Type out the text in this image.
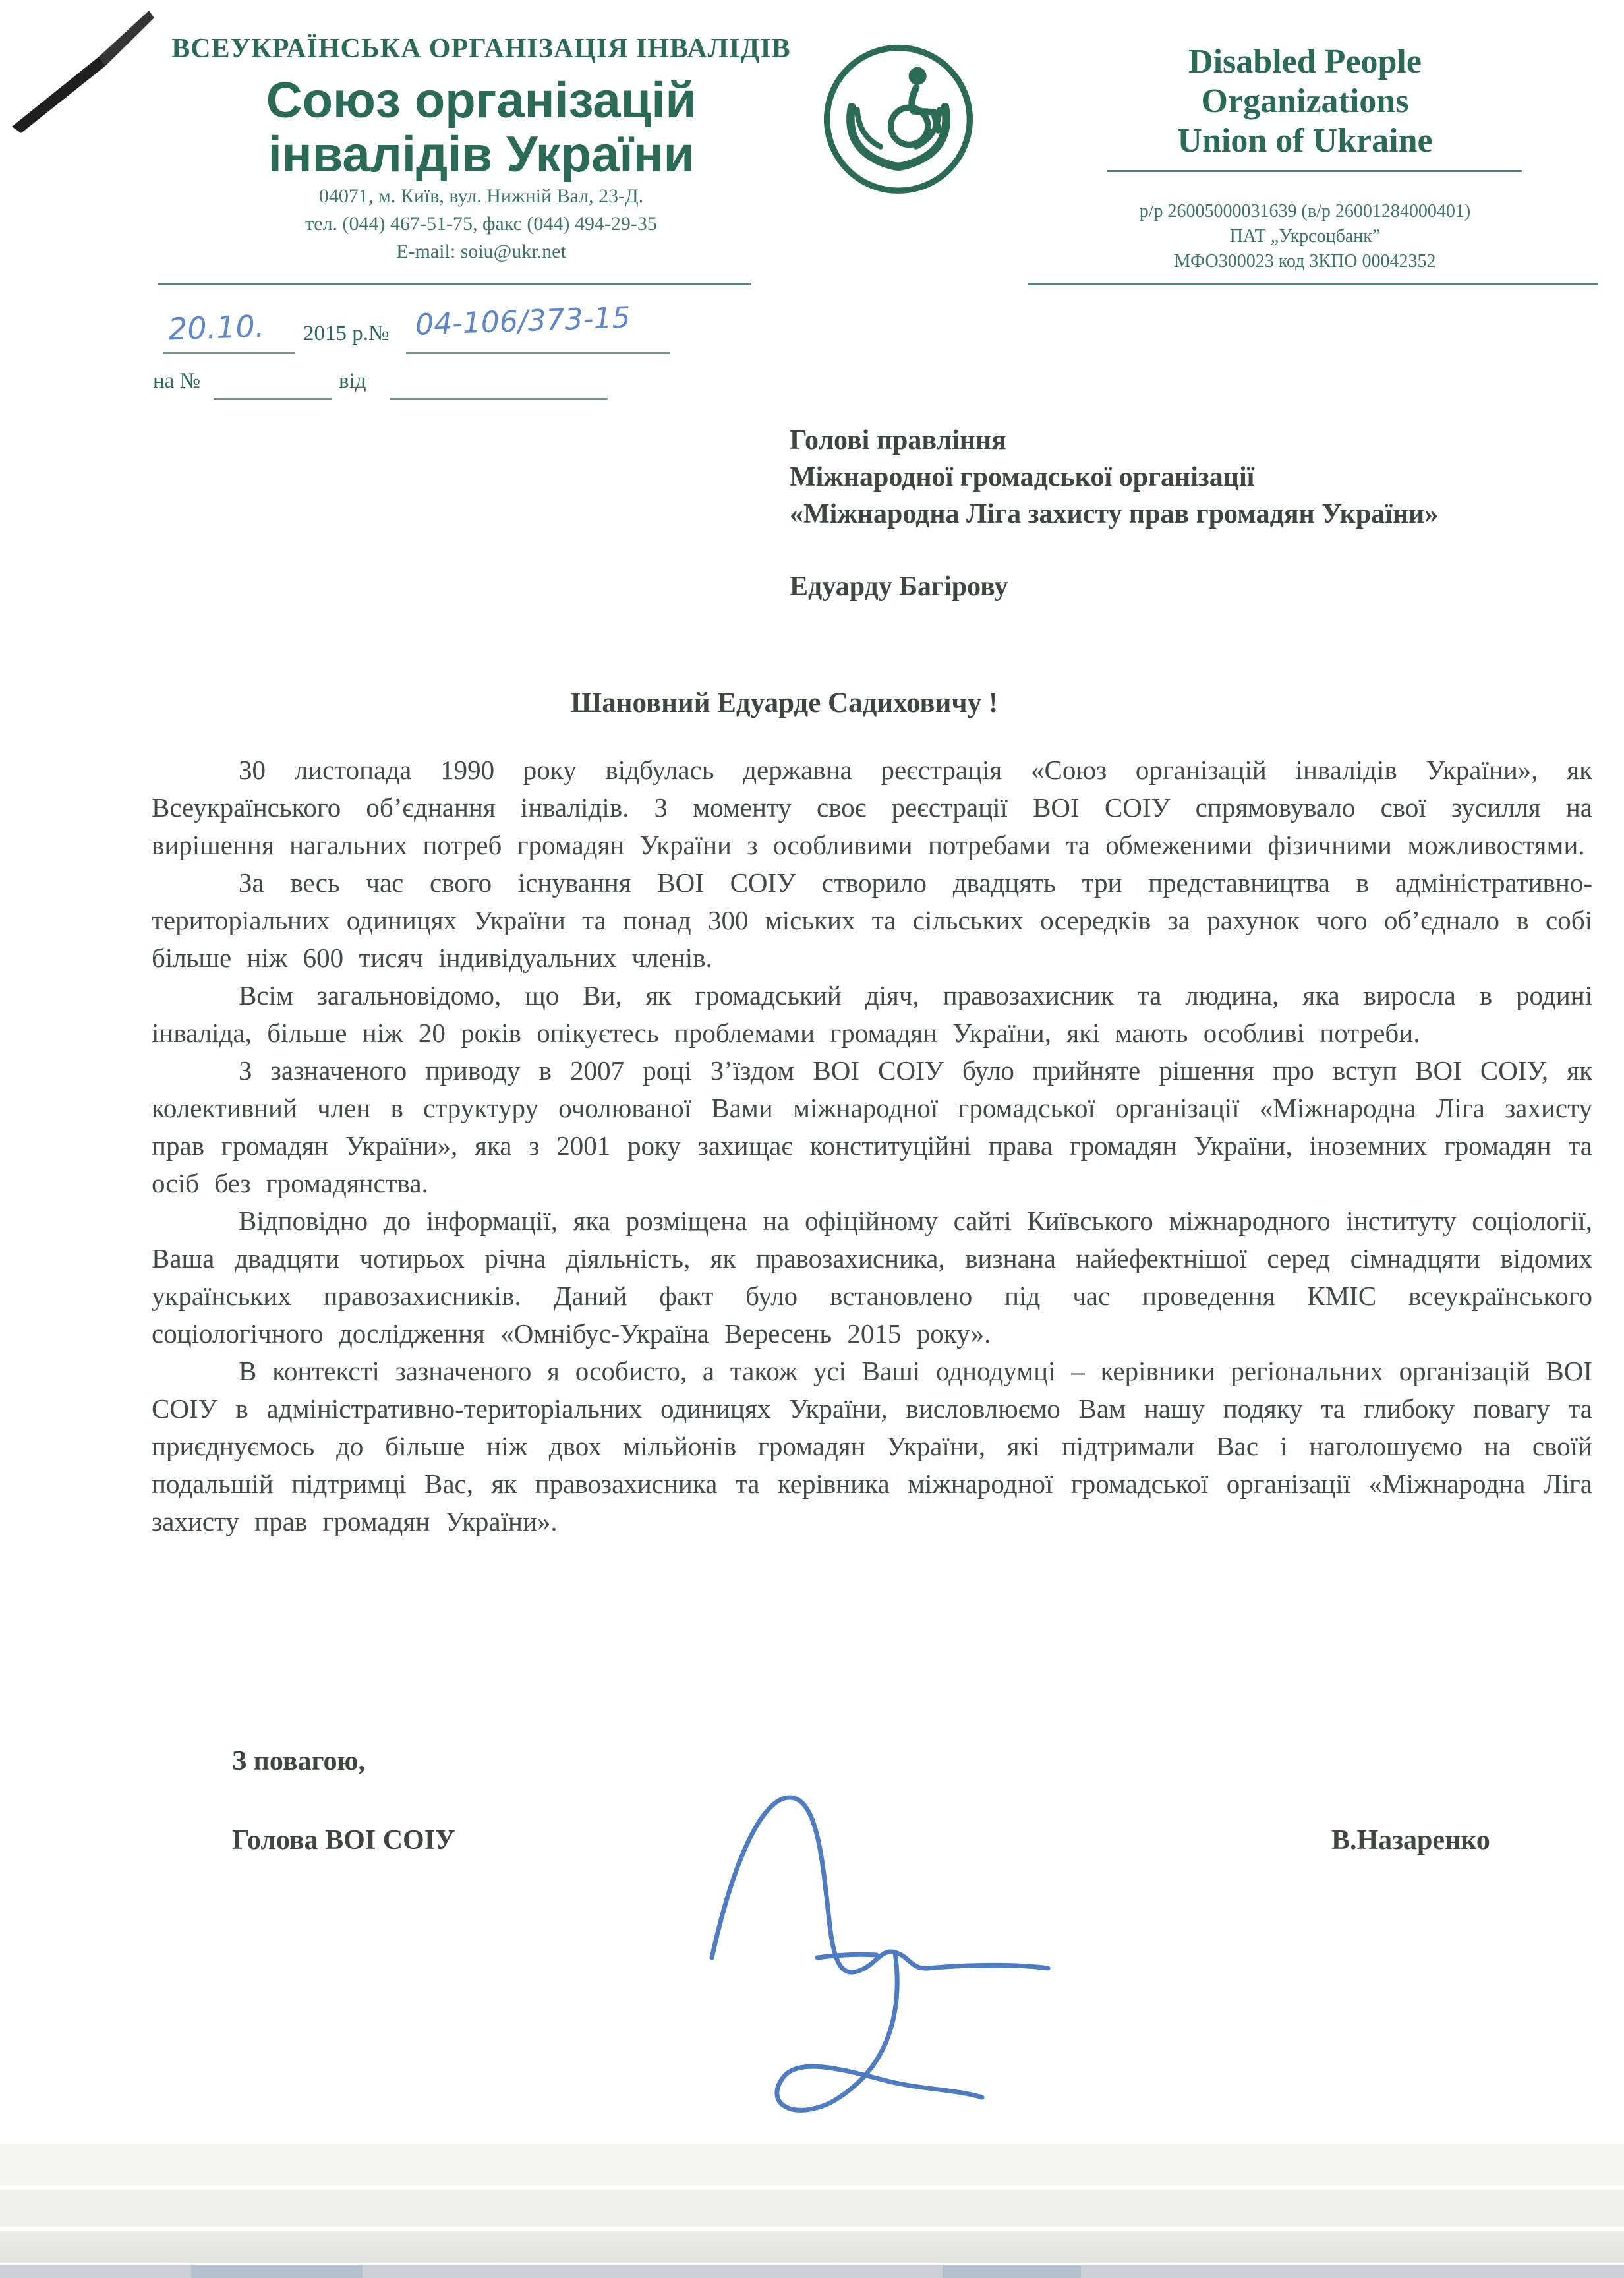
ВСЕУКРАЇНСЬКА ОРГАНІЗАЦІЯ ІНВАЛІДІВ
Союз організацій
інвалідів України
04071, м. Київ, вул. Нижній Вал, 23-Д.
тел. (044) 467-51-75, факс (044) 494-29-35
E-mail: soiu@ukr.net
Disabled People
Organizations
Union of Ukraine
р/р 26005000031639 (в/р 26001284000401)
ПАТ „Укрсоцбанк”
МФО300023 код ЗКПО 00042352
20.10. 2015 р.№ 04-106/373-15
на №	від
Голові правління
Міжнародної громадської організації
«Міжнародна Ліга захисту прав громадян України»
Едуарду Багірову
Шановний Едуарде Садиховичу !

30 листопада 1990 року відбулась державна реєстрація «Союз організацій інвалідів України», як Всеукраїнського об’єднання інвалідів. З моменту своє реєстрації ВОІ СОІУ спрямовувало свої зусилля на вирішення нагальних потреб громадян України з особливими потребами та обмеженими фізичними можливостями.

За весь час свого існування ВОІ СОІУ створило двадцять три представництва в адміністративно-територіальних одиницях України та понад 300 міських та сільських осередків за рахунок чого об’єднало в собі більше ніж 600 тисяч індивідуальних членів.

Всім загальновідомо, що Ви, як громадський діяч, правозахисник та людина, яка виросла в родині інваліда, більше ніж 20 років опікуєтесь проблемами громадян України, які мають особливі потреби.

З зазначеного приводу в 2007 році З’їздом ВОІ СОІУ було прийняте рішення про вступ ВОІ СОІУ, як колективний член в структуру очолюваної Вами міжнародної громадської організації «Міжнародна Ліга захисту прав громадян України», яка з 2001 року захищає конституційні права громадян України, іноземних громадян та осіб без громадянства.

Відповідно до інформації, яка розміщена на офіційному сайті Київського міжнародного інституту соціології, Ваша двадцяти чотирьох річна діяльність, як правозахисника, визнана найефектнішої серед сімнадцяти відомих українських правозахисників. Даний факт було встановлено під час проведення КМІС всеукраїнського соціологічного дослідження «Омнібус-Україна Вересень 2015 року».

В контексті зазначеного я особисто, а також усі Ваші однодумці – керівники регіональних організацій ВОІ СОІУ в адміністративно-територіальних одиницях України, висловлюємо Вам нашу подяку та глибоку повагу та приєднуємось до більше ніж двох мільйонів громадян України, які підтримали Вас і наголошуємо на своїй подальшій підтримці Вас, як правозахисника та керівника міжнародної громадської організації «Міжнародна Ліга захисту прав громадян України».

З повагою,
Голова ВОІ СОІУ	В.Назаренко
